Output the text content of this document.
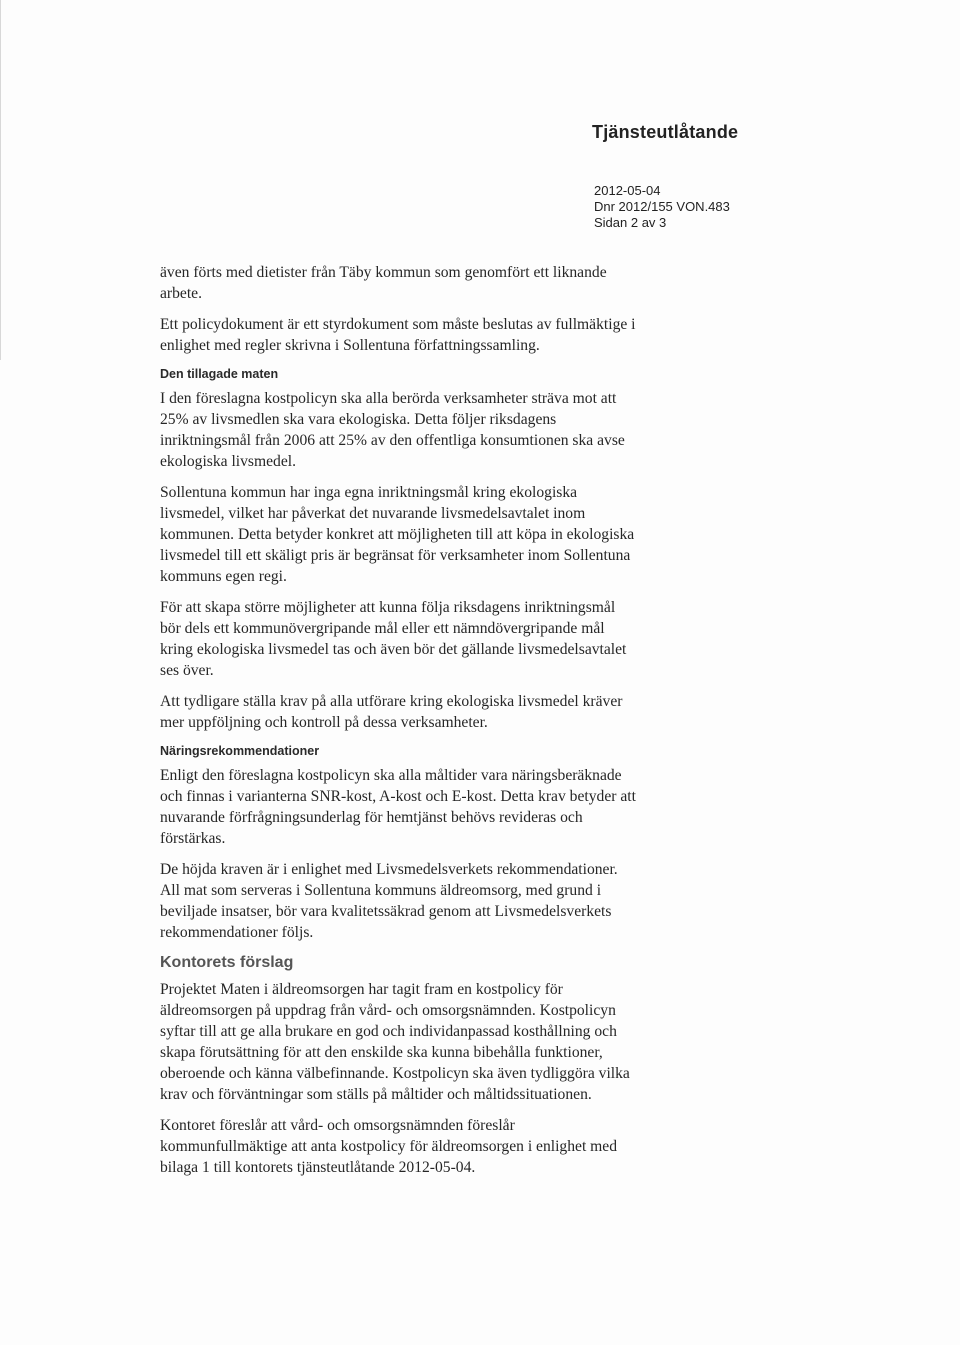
Tjänsteutlåtande
2012-05-04
Dnr 2012/155 VON.483
Sidan 2 av 3

även förts med dietister från Täby kommun som genomfört ett liknande
arbete.

Ett policydokument är ett styrdokument som måste beslutas av fullmäktige i
enlighet med regler skrivna i Sollentuna författningssamling.

Den tillagade maten

I den föreslagna kostpolicyn ska alla berörda verksamheter sträva mot att
25% av livsmedlen ska vara ekologiska. Detta följer riksdagens
inriktningsmål från 2006 att 25% av den offentliga konsumtionen ska avse
ekologiska livsmedel.

Sollentuna kommun har inga egna inriktningsmål kring ekologiska
livsmedel, vilket har påverkat det nuvarande livsmedelsavtalet inom
kommunen. Detta betyder konkret att möjligheten till att köpa in ekologiska
livsmedel till ett skäligt pris är begränsat för verksamheter inom Sollentuna
kommuns egen regi.

För att skapa större möjligheter att kunna följa riksdagens inriktningsmål
bör dels ett kommunövergripande mål eller ett nämndövergripande mål
kring ekologiska livsmedel tas och även bör det gällande livsmedelsavtalet
ses över.

Att tydligare ställa krav på alla utförare kring ekologiska livsmedel kräver
mer uppföljning och kontroll på dessa verksamheter.

Näringsrekommendationer

Enligt den föreslagna kostpolicyn ska alla måltider vara näringsberäknade
och finnas i varianterna SNR-kost, A-kost och E-kost. Detta krav betyder att
nuvarande förfrågningsunderlag för hemtjänst behövs revideras och
förstärkas.

De höjda kraven är i enlighet med Livsmedelsverkets rekommendationer.
All mat som serveras i Sollentuna kommuns äldreomsorg, med grund i
beviljade insatser, bör vara kvalitetssäkrad genom att Livsmedelsverkets
rekommendationer följs.

Kontorets förslag

Projektet Maten i äldreomsorgen har tagit fram en kostpolicy för
äldreomsorgen på uppdrag från vård- och omsorgsnämnden. Kostpolicyn
syftar till att ge alla brukare en god och individanpassad kosthållning och
skapa förutsättning för att den enskilde ska kunna bibehålla funktioner,
oberoende och känna välbefinnande. Kostpolicyn ska även tydliggöra vilka
krav och förväntningar som ställs på måltider och måltidssituationen.

Kontoret föreslår att vård- och omsorgsnämnden föreslår
kommunfullmäktige att anta kostpolicy för äldreomsorgen i enlighet med
bilaga 1 till kontorets tjänsteutlåtande 2012-05-04.
